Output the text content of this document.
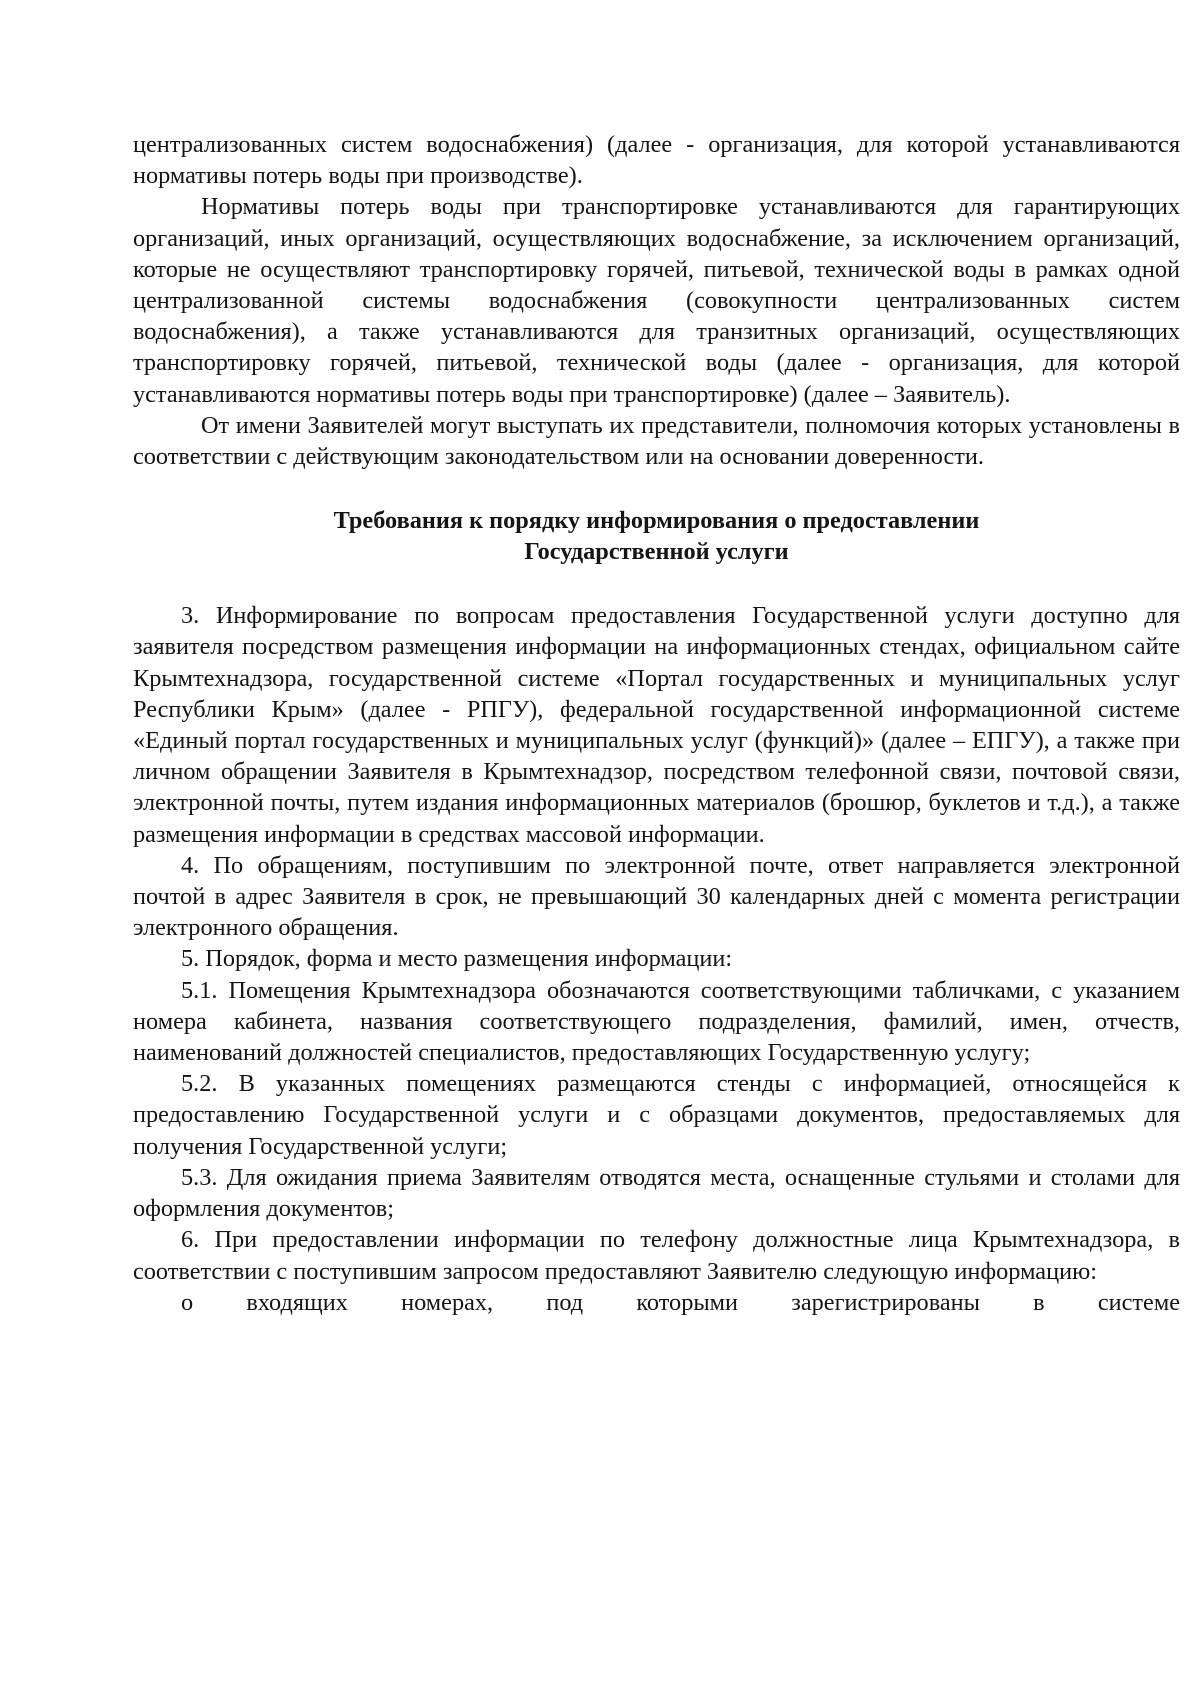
централизованных систем водоснабжения) (далее - организация, для которой устанавливаются нормативы потерь воды при производстве).

Нормативы потерь воды при транспортировке устанавливаются для гарантирующих организаций, иных организаций, осуществляющих водоснабжение, за исключением организаций, которые не осуществляют транспортировку горячей, питьевой, технической воды в рамках одной централизованной системы водоснабжения (совокупности централизованных систем водоснабжения), а также устанавливаются для транзитных организаций, осуществляющих транспортировку горячей, питьевой, технической воды (далее - организация, для которой устанавливаются нормативы потерь воды при транспортировке) (далее – Заявитель).

От имени Заявителей могут выступать их представители, полномочия которых установлены в соответствии с действующим законодательством или на основании доверенности.

Требования к порядку информирования о предоставлении
Государственной услуги

3. Информирование по вопросам предоставления Государственной услуги доступно для заявителя посредством размещения информации на информационных стендах, официальном сайте Крымтехнадзора, государственной системе «Портал государственных и муниципальных услуг Республики Крым» (далее - РПГУ), федеральной государственной информационной системе «Единый портал государственных и муниципальных услуг (функций)» (далее – ЕПГУ), а также при личном обращении Заявителя в Крымтехнадзор, посредством телефонной связи, почтовой связи, электронной почты, путем издания информационных материалов (брошюр, буклетов и т.д.), а также размещения информации в средствах массовой информации.

4. По обращениям, поступившим по электронной почте, ответ направляется электронной почтой в адрес Заявителя в срок, не превышающий 30 календарных дней с момента регистрации электронного обращения.

5. Порядок, форма и место размещения информации:

5.1. Помещения Крымтехнадзора обозначаются соответствующими табличками, с указанием номера кабинета, названия соответствующего подразделения, фамилий, имен, отчеств, наименований должностей специалистов, предоставляющих Государственную услугу;

5.2. В указанных помещениях размещаются стенды с информацией, относящейся к предоставлению Государственной услуги и с образцами документов, предоставляемых для получения Государственной услуги;

5.3. Для ожидания приема Заявителям отводятся места, оснащенные стульями и столами для оформления документов;

6. При предоставлении информации по телефону должностные лица Крымтехнадзора, в соответствии с поступившим запросом предоставляют Заявителю следующую информацию:

о входящих номерах, под которыми зарегистрированы в системе
